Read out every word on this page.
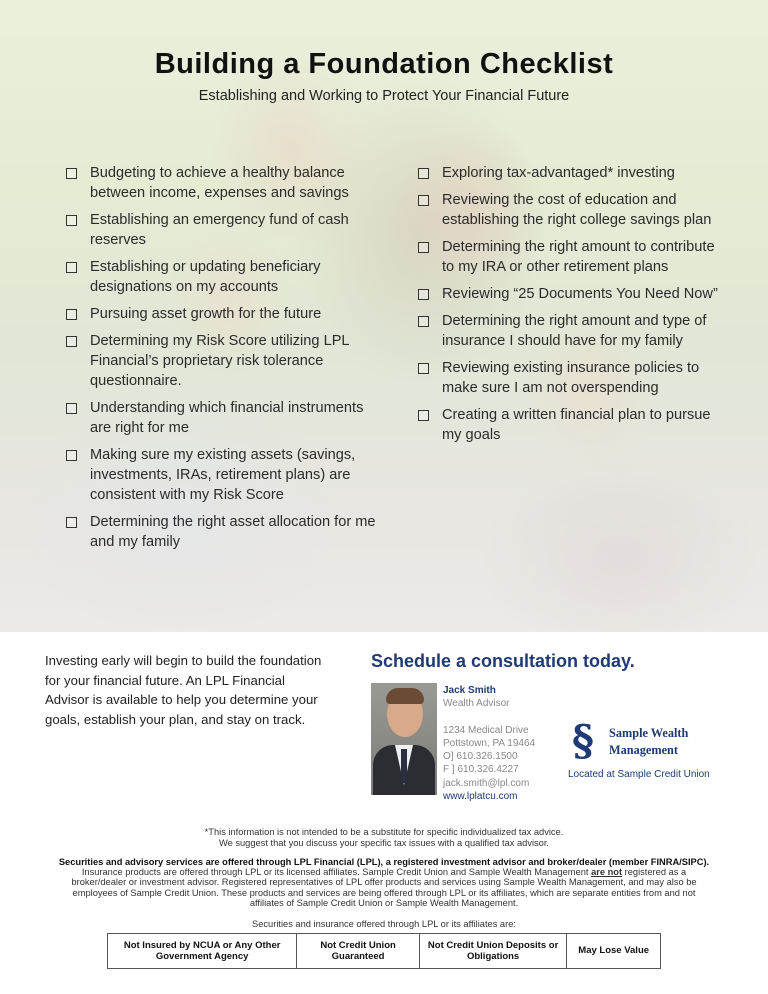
Building a Foundation Checklist
Establishing and Working to Protect Your Financial Future
Budgeting to achieve a healthy balance between income, expenses and savings
Establishing an emergency fund of cash reserves
Establishing or updating beneficiary designations on my accounts
Pursuing asset growth for the future
Determining my Risk Score utilizing LPL Financial’s proprietary risk tolerance questionnaire.
Understanding which financial instruments are right for me
Making sure my existing assets (savings, investments, IRAs, retirement plans) are consistent with my Risk Score
Determining the right asset allocation for me and my family
Exploring tax-advantaged* investing
Reviewing the cost of education and establishing the right college savings plan
Determining the right amount to contribute to my IRA or other retirement plans
Reviewing “25 Documents You Need Now”
Determining the right amount and type of insurance I should have for my family
Reviewing existing insurance policies to make sure I am not overspending
Creating a written financial plan to pursue my goals

Investing early will begin to build the foundation for your financial future. An LPL Financial Advisor is available to help you determine your goals, establish your plan, and stay on track.

Schedule a consultation today.
Jack Smith
Wealth Advisor
1234 Medical Drive
Pottstown, PA 19464
O] 610.326.1500
F ] 610.326.4227
jack.smith@lpl.com
www.lplatcu.com
§	Sample Wealth
Management
Located at Sample Credit Union
*This information is not intended to be a substitute for specific individualized tax advice.
We suggest that you discuss your specific tax issues with a qualified tax advisor.
Securities and advisory services are offered through LPL Financial (LPL), a registered investment advisor and broker/dealer (member FINRA/SIPC). Insurance products are offered through LPL or its licensed affiliates. Sample Credit Union and Sample Wealth Management are not registered as a broker/dealer or investment advisor. Registered representatives of LPL offer products and services using Sample Wealth Management, and may also be employees of Sample Credit Union. These products and services are being offered through LPL or its affiliates, which are separate entities from and not affiliates of Sample Credit Union or Sample Wealth Management.
Securities and insurance offered through LPL or its affiliates are:
Not Insured by NCUA or Any Other Government Agency
Not Credit Union Guaranteed
Not Credit Union Deposits or Obligations
May Lose Value
